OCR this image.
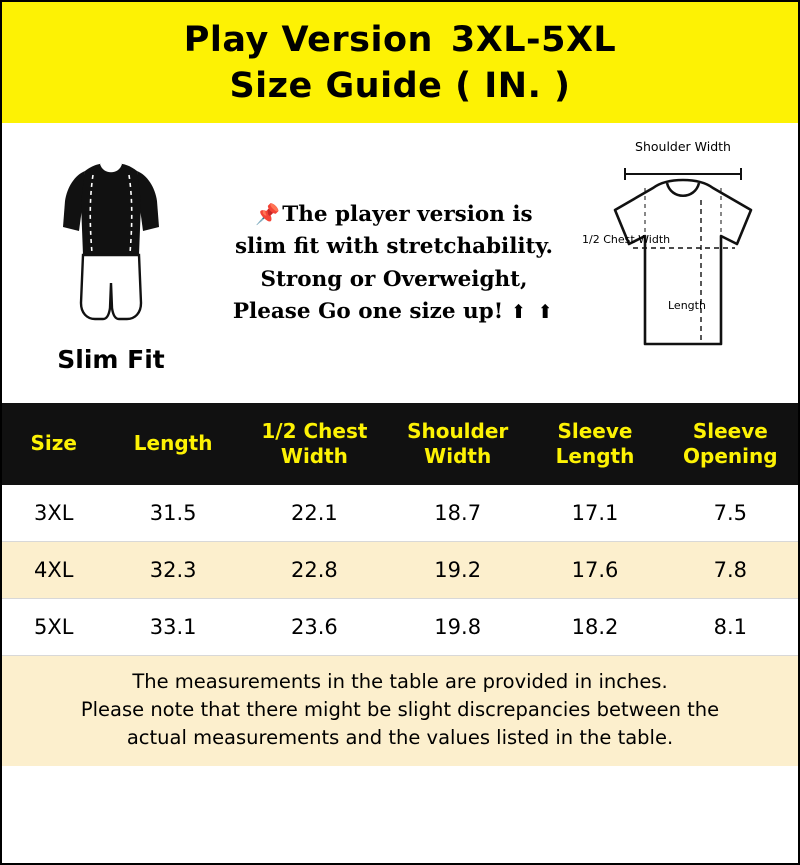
Play Version 3XL-5XL
Size Guide ( IN. )
Slim Fit
📌The player version is
slim fit with stretchability.
Strong or Overweight,
Please Go one size up! ⬆ ⬆
Shoulder Width
1/2 Chest Width
Length
Size	Length	1/2 Chest Width	Shoulder Width	Sleeve Length	Sleeve Opening
3XL	31.5	22.1	18.7	17.1	7.5
4XL	32.3	22.8	19.2	17.6	7.8
5XL	33.1	23.6	19.8	18.2	8.1
The measurements in the table are provided in inches.
Please note that there might be slight discrepancies between the
actual measurements and the values listed in the table.
